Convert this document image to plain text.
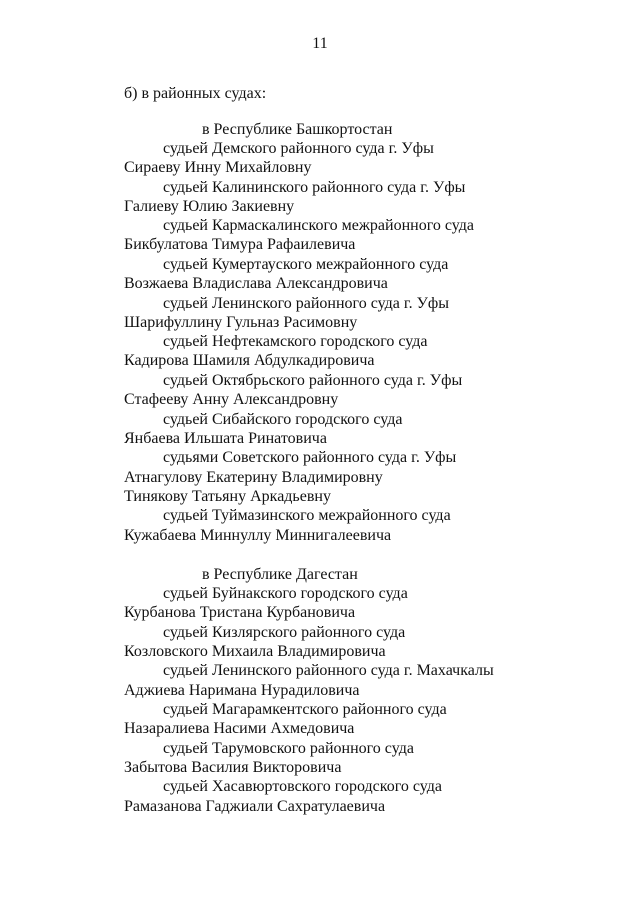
11
б) в районных судах:
в Республике Башкортостан
судьей Демского районного суда г. Уфы
Сираеву Инну Михайловну
судьей Калининского районного суда г. Уфы
Галиеву Юлию Закиевну
судьей Кармаскалинского межрайонного суда
Бикбулатова Тимура Рафаилевича
судьей Кумертауского межрайонного суда
Возжаева Владислава Александровича
судьей Ленинского районного суда г. Уфы
Шарифуллину Гульназ Расимовну
судьей Нефтекамского городского суда
Кадирова Шамиля Абдулкадировича
судьей Октябрьского районного суда г. Уфы
Стафееву Анну Александровну
судьей Сибайского городского суда
Янбаева Ильшата Ринатовича
судьями Советского районного суда г. Уфы
Атнагулову Екатерину Владимировну
Тинякову Татьяну Аркадьевну
судьей Туймазинского межрайонного суда
Кужабаева Миннуллу Миннигалеевича
в Республике Дагестан
судьей Буйнакского городского суда
Курбанова Тристана Курбановича
судьей Кизлярского районного суда
Козловского Михаила Владимировича
судьей Ленинского районного суда г. Махачкалы
Аджиева Наримана Нурадиловича
судьей Магарамкентского районного суда
Назаралиева Насими Ахмедовича
судьей Тарумовского районного суда
Забытова Василия Викторовича
судьей Хасавюртовского городского суда
Рамазанова Гаджиали Сахратулаевича
